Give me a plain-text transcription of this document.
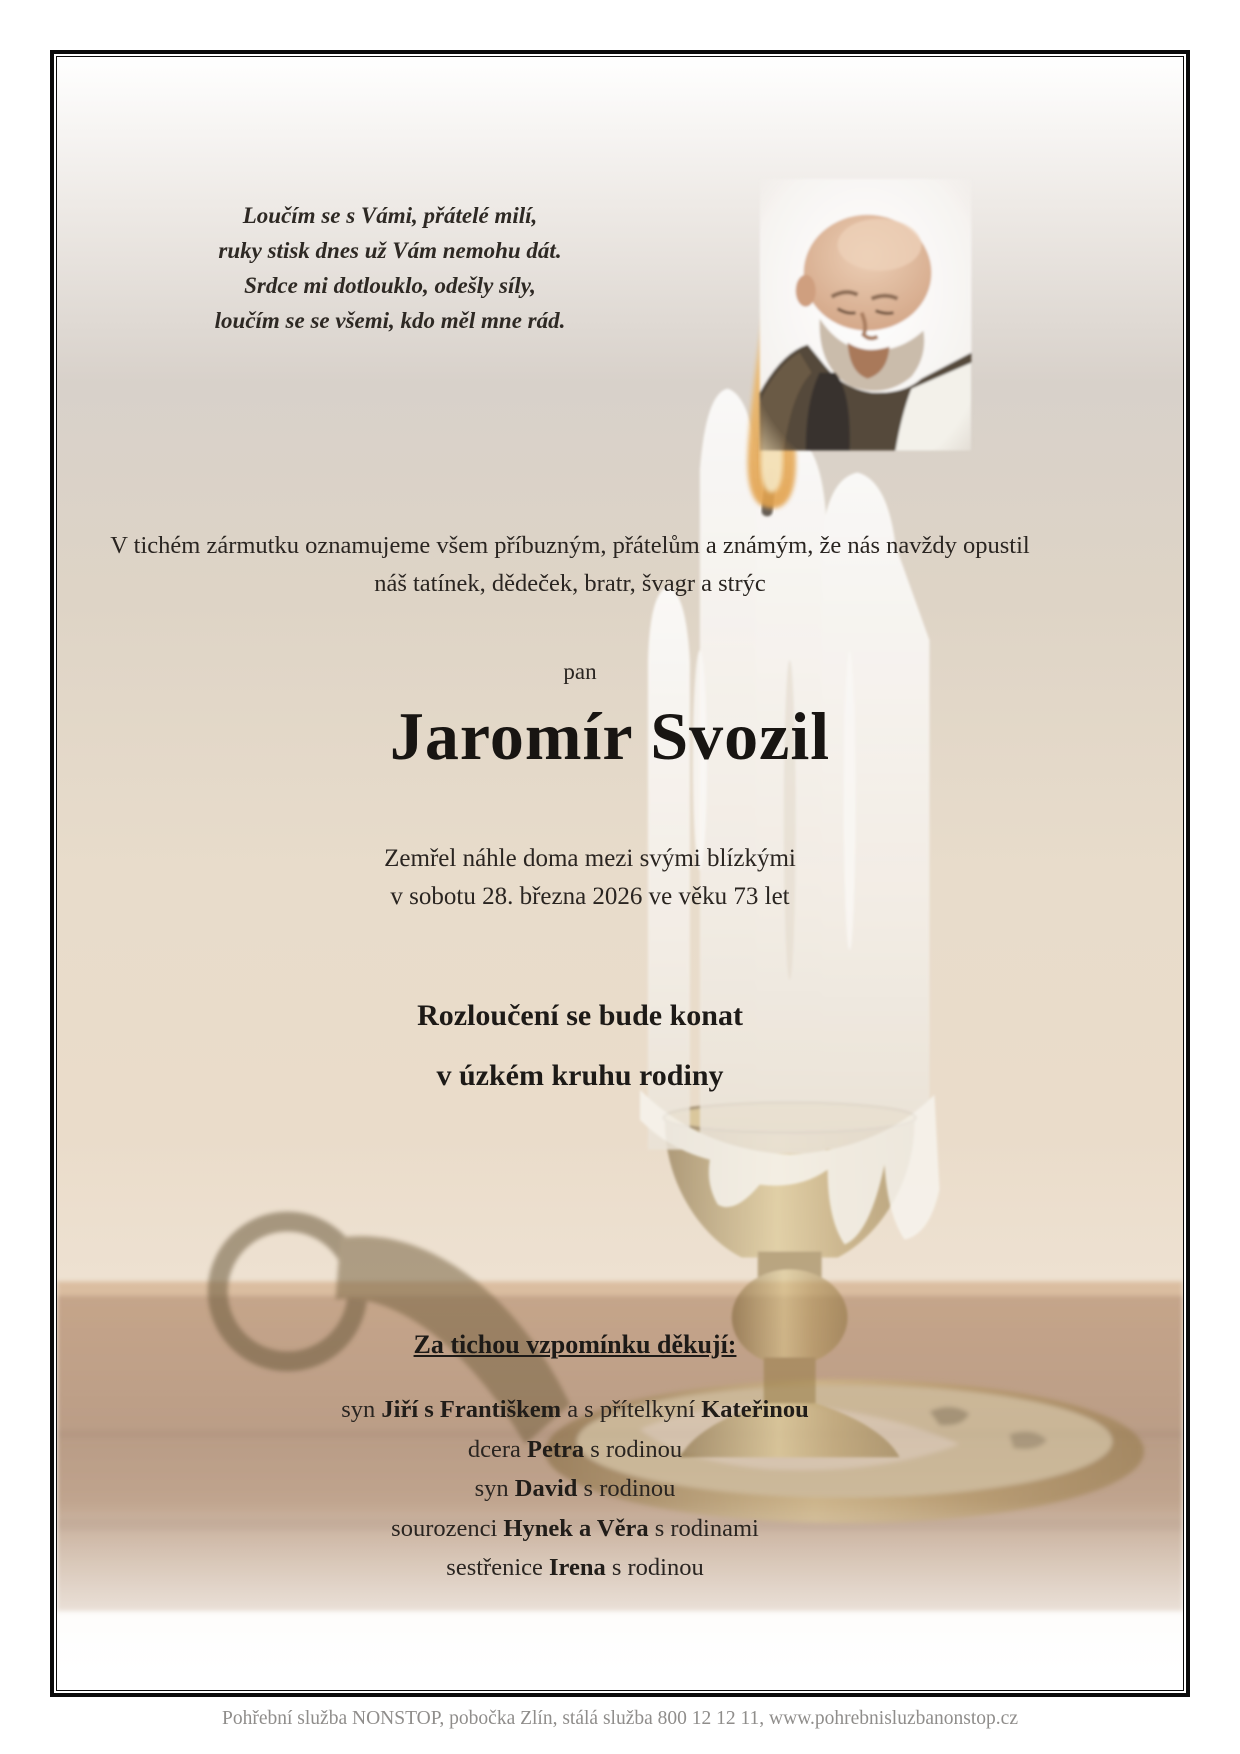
Loučím se s Vámi, přátelé milí,
ruky stisk dnes už Vám nemohu dát.
Srdce mi dotlouklo, odešly síly,
loučím se se všemi, kdo měl mne rád.
V tichém zármutku oznamujeme všem příbuzným, přátelům a známým, že nás navždy opustil
náš tatínek, dědeček, bratr, švagr a strýc
pan
Jaromír Svozil
Zemřel náhle doma mezi svými blízkými
v sobotu 28. března 2026 ve věku 73 let
Rozloučení se bude konat
v úzkém kruhu rodiny
Za tichou vzpomínku děkují:
syn Jiří s Františkem a s přítelkyní Kateřinou
dcera Petra s rodinou
syn David s rodinou
sourozenci Hynek a Věra s rodinami
sestřenice Irena s rodinou
Pohřební služba NONSTOP, pobočka Zlín, stálá služba 800 12 12 11, www.pohrebnisluzbanonstop.cz
